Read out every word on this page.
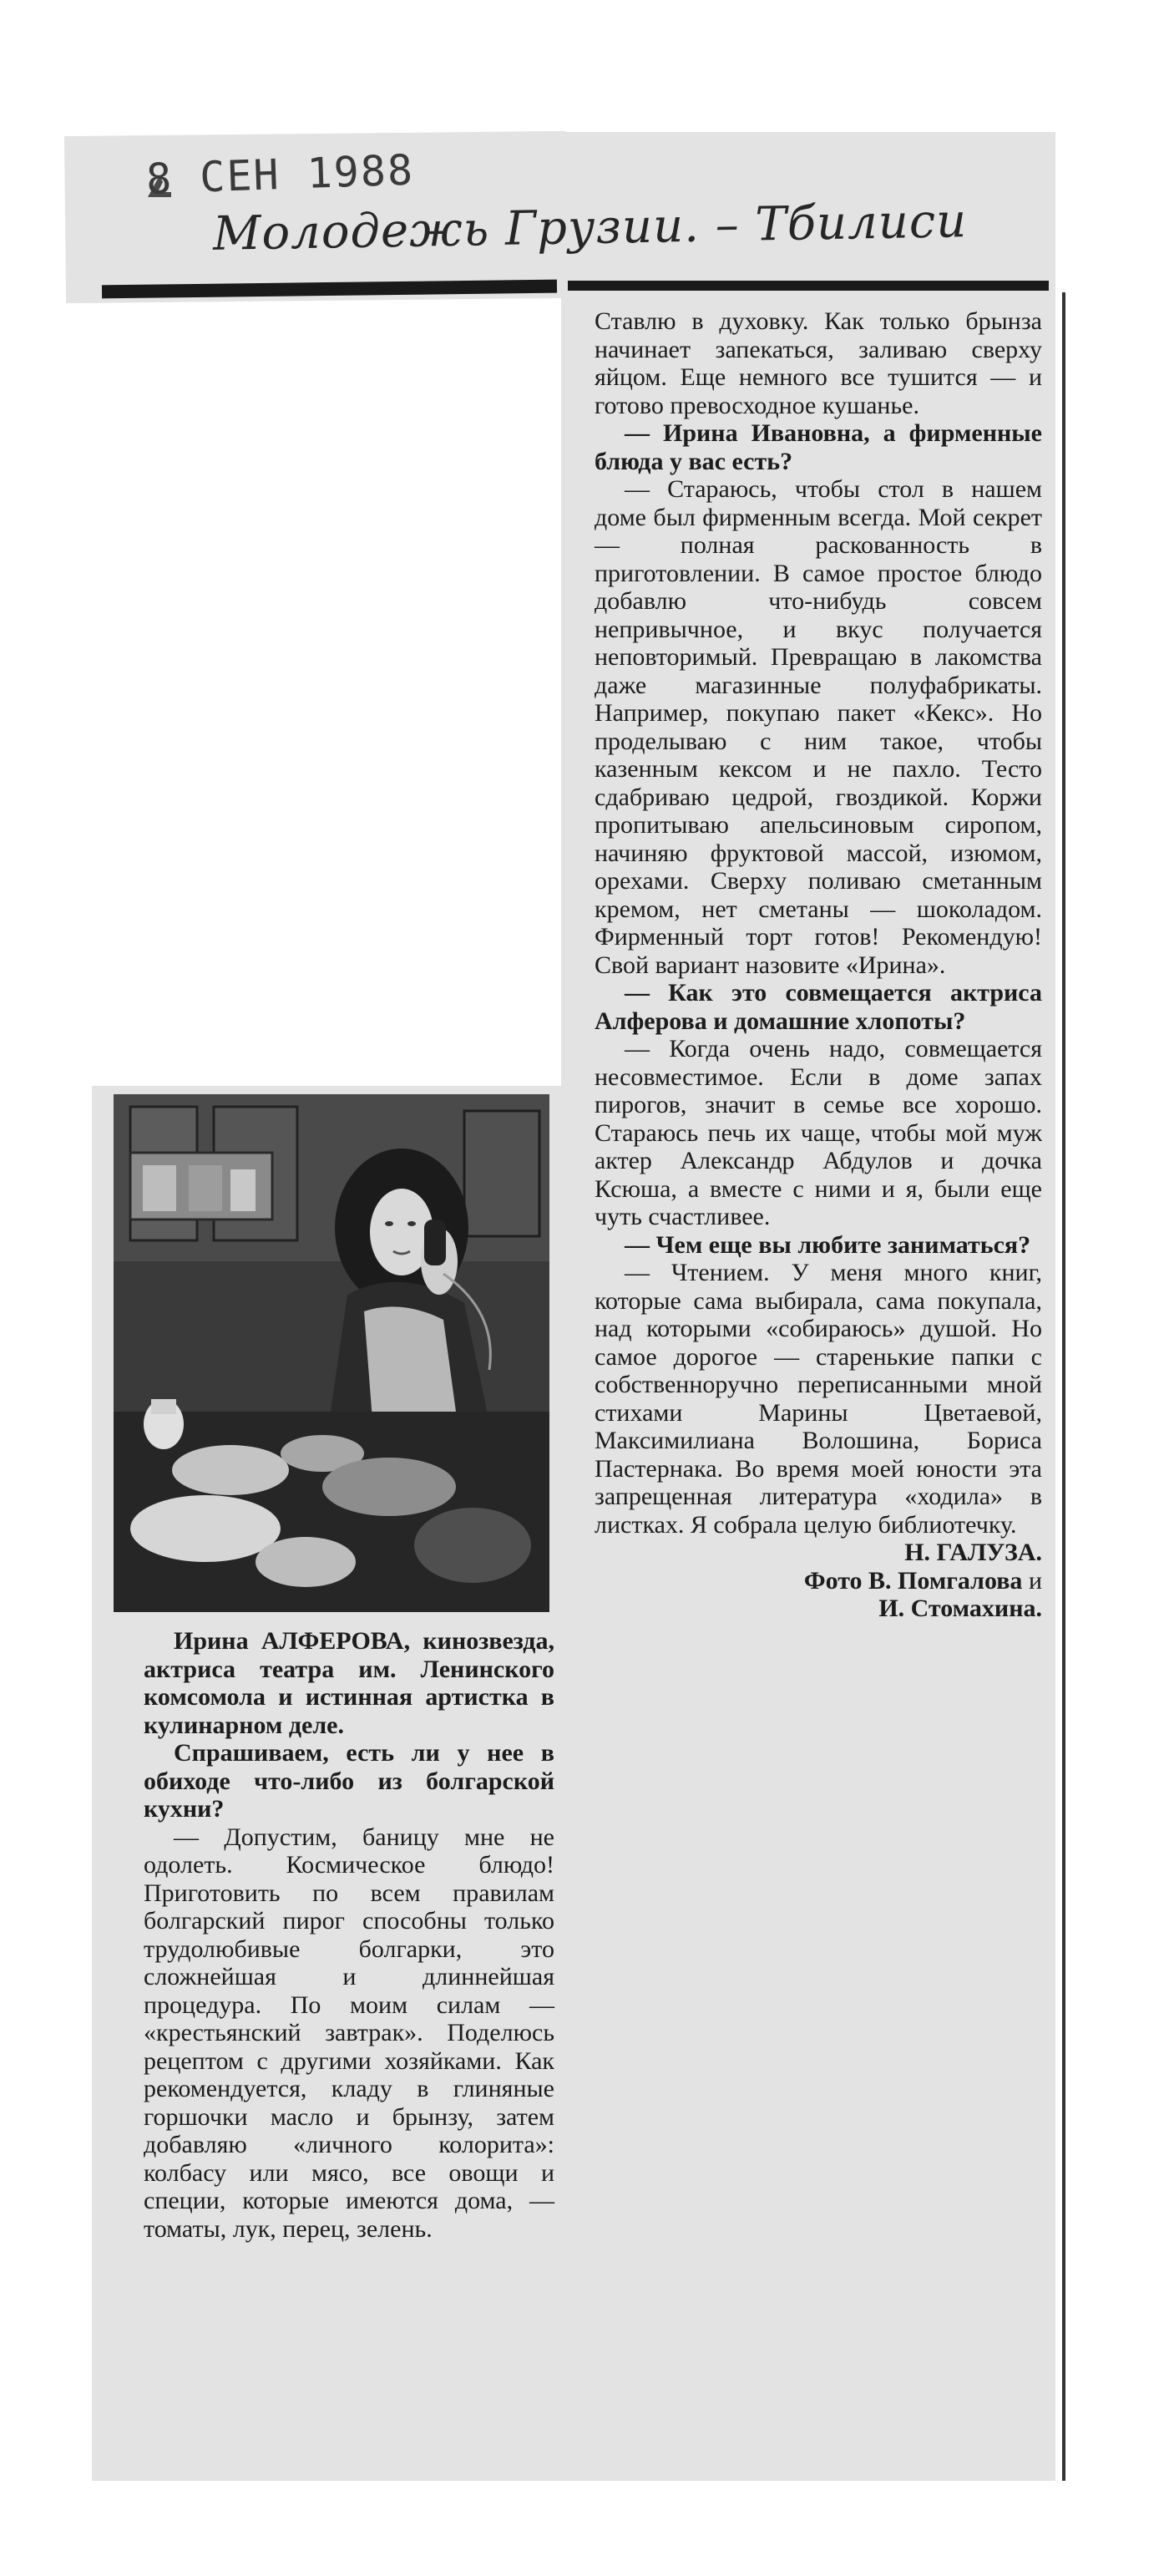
8 СЕН 1988
Молодежь Грузии. – Тбилиси

Ирина АЛФЕРОВА, кинозвезда, актриса театра им. Ленинского комсомола и истинная артистка в кулинарном деле.

Спрашиваем, есть ли у нее в обиходе что-либо из болгарской кухни?

— Допустим, баницу мне не одолеть. Космическое блюдо! Приготовить по всем правилам болгарский пирог способны только трудолюбивые болгарки, это сложнейшая и длиннейшая процедура. По моим силам — «крестьянский завтрак». Поделюсь рецептом с другими хозяйками. Как рекомендуется, кладу в глиняные горшочки масло и брынзу, затем добавляю «личного колорита»: колбасу или мясо, все овощи и специи, которые имеются дома, — томаты, лук, перец, зелень.

Ставлю в духовку. Как только брынза начинает запекаться, заливаю сверху яйцом. Еще немного все тушится — и готово превосходное кушанье.

— Ирина Ивановна, а фирменные блюда у вас есть?

— Стараюсь, чтобы стол в нашем доме был фирменным всегда. Мой секрет — полная раскованность в приготовлении. В самое простое блюдо добавлю что-нибудь совсем непривычное, и вкус получается неповторимый. Превращаю в лакомства даже магазинные полуфабрикаты. Например, покупаю пакет «Кекс». Но проделываю с ним такое, чтобы казенным кексом и не пахло. Тесто сдабриваю цедрой, гвоздикой. Коржи пропитываю апельсиновым сиропом, начиняю фруктовой массой, изюмом, орехами. Сверху поливаю сметанным кремом, нет сметаны — шоколадом. Фирменный торт готов! Рекомендую! Свой вариант назовите «Ирина».

— Как это совмещается актриса Алферова и домашние хлопоты?

— Когда очень надо, совмещается несовместимое. Если в доме запах пирогов, значит в семье все хорошо. Стараюсь печь их чаще, чтобы мой муж актер Александр Абдулов и дочка Ксюша, а вместе с ними и я, были еще чуть счастливее.

— Чем еще вы любите заниматься?

— Чтением. У меня много книг, которые сама выбирала, сама покупала, над которыми «собираюсь» душой. Но самое дорогое — старенькие папки с собственноручно переписанными мной стихами Марины Цветаевой, Максимилиана Волошина, Бориса Пастернака. Во время моей юности эта запрещенная литература «ходила» в листках. Я собрала целую библиотечку.

Н. ГАЛУЗА.

Фото В. Помгалова и
И. Стомахина.
